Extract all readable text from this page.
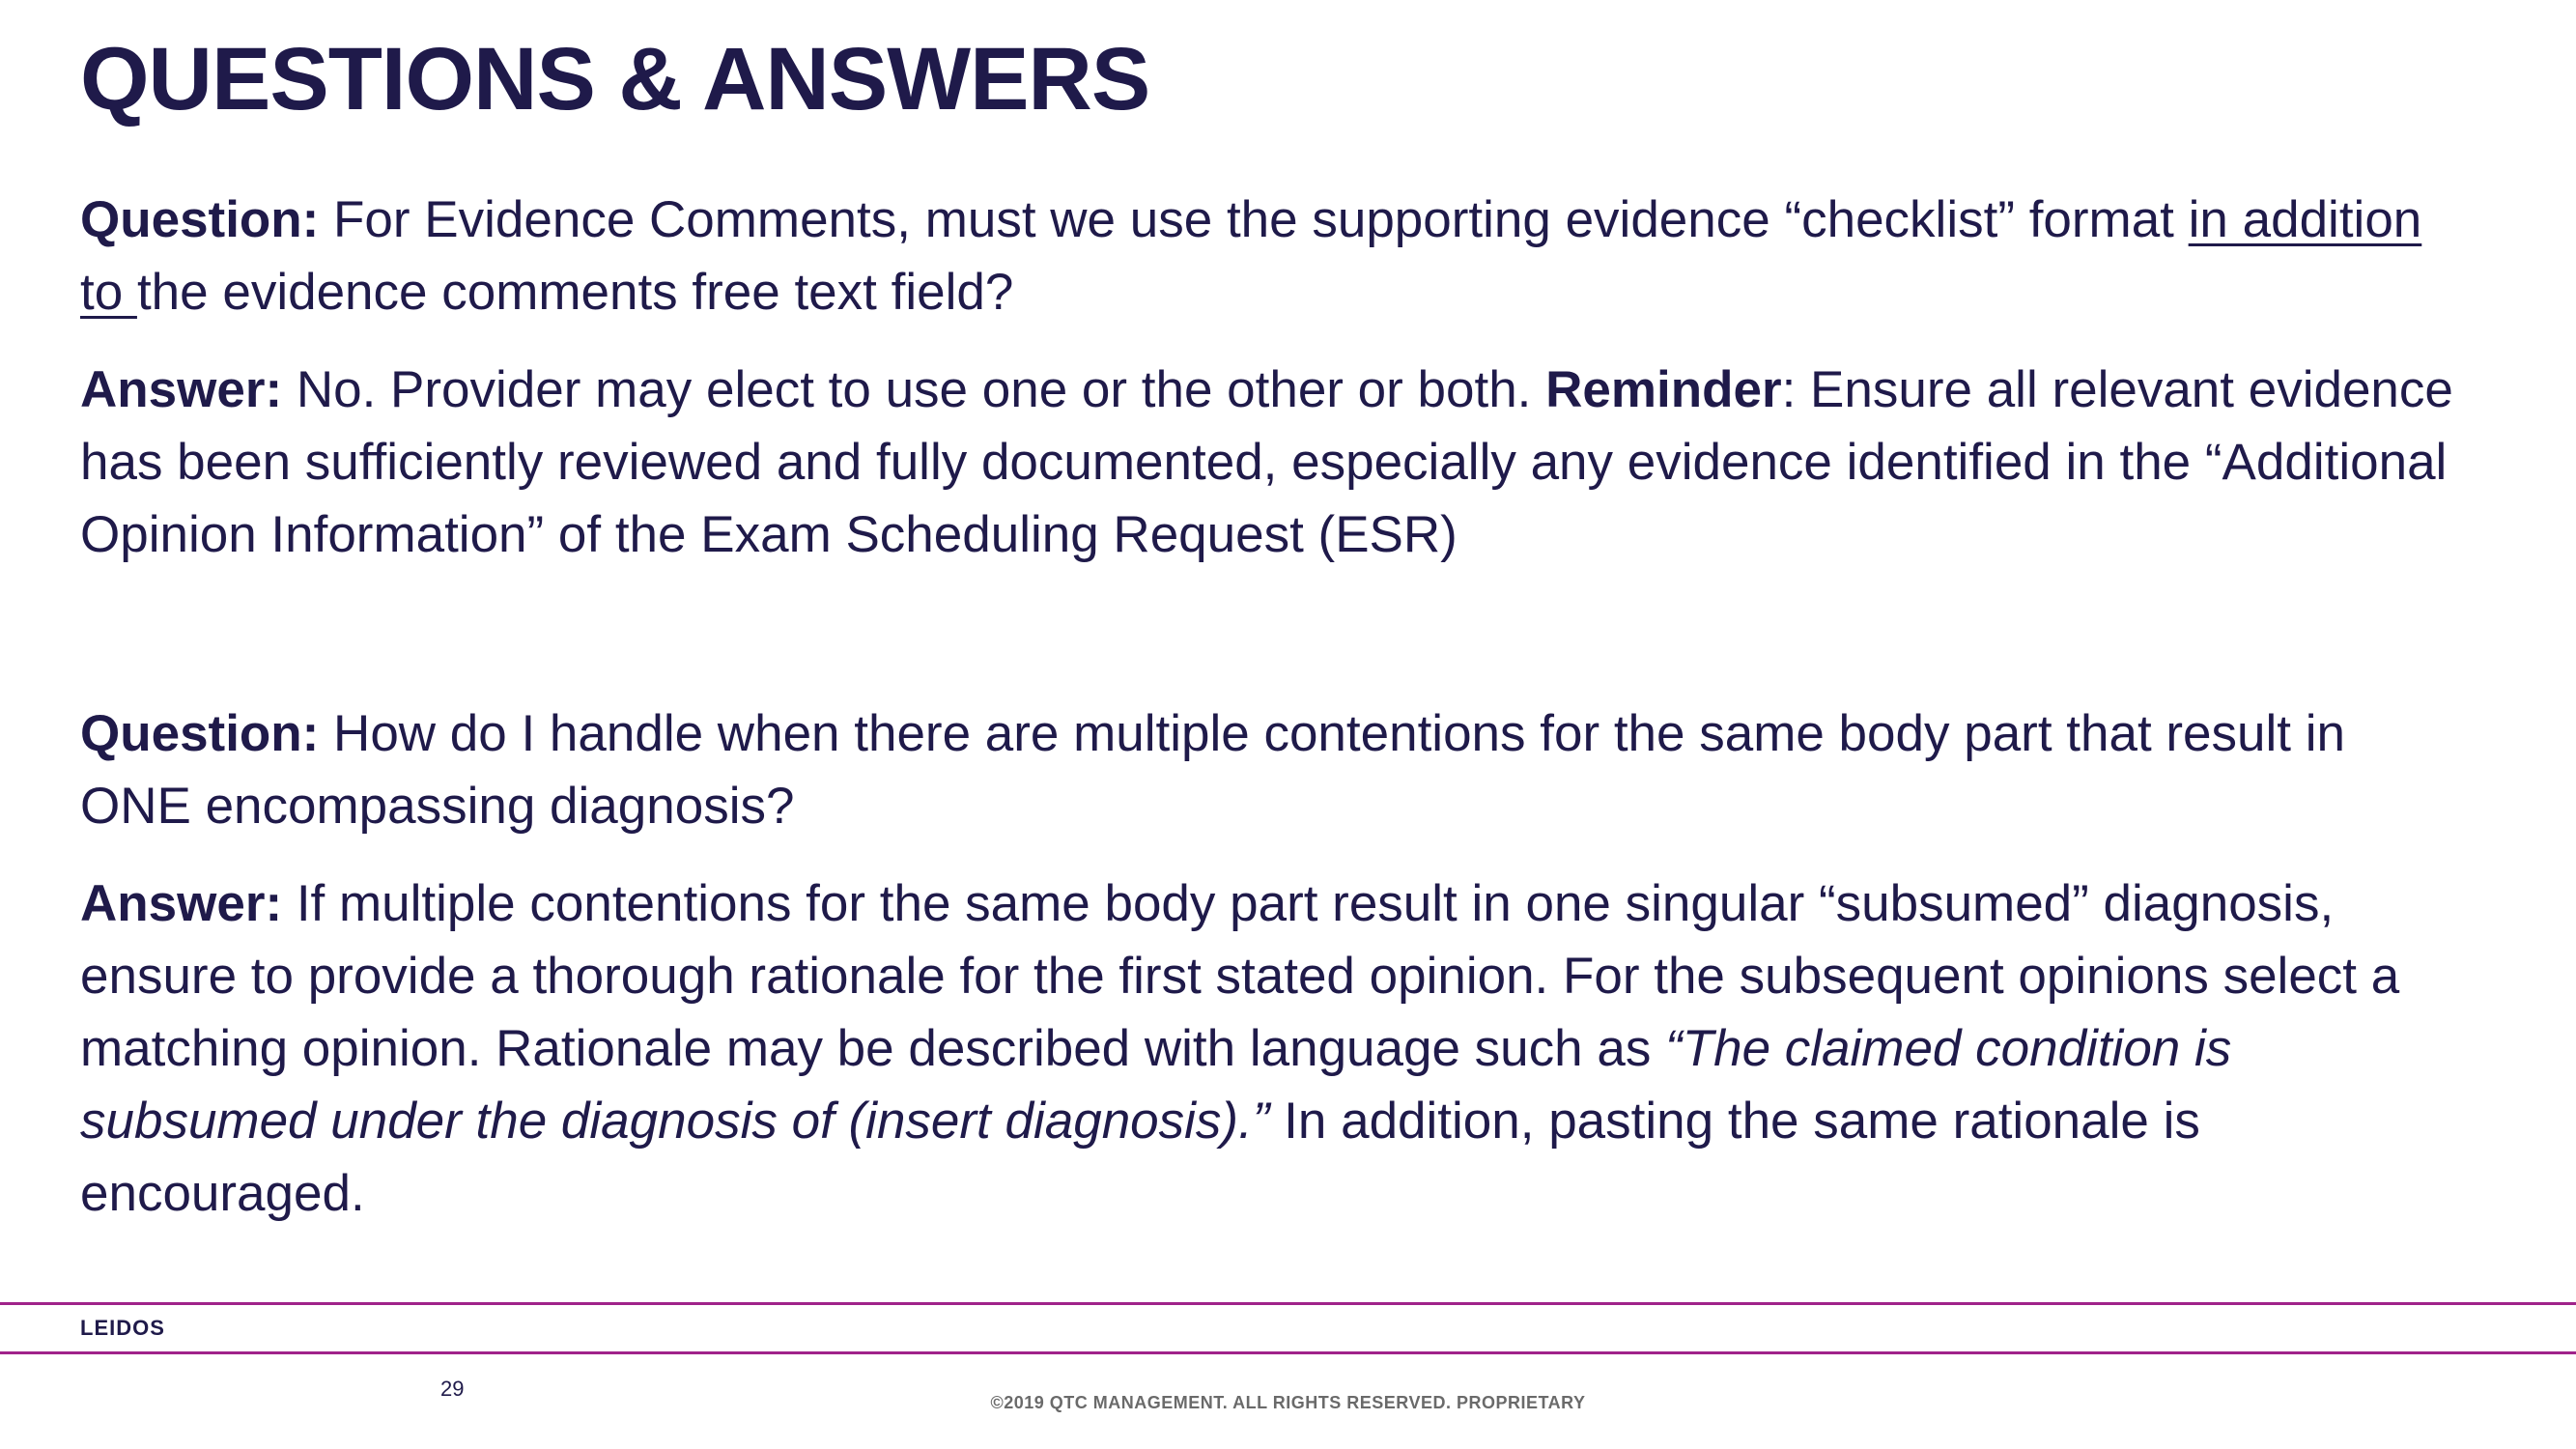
QUESTIONS & ANSWERS

Question: For Evidence Comments, must we use the supporting evidence “checklist” format in addition to the evidence comments free text field?

Answer: No. Provider may elect to use one or the other or both. Reminder: Ensure all relevant evidence has been sufficiently reviewed and fully documented, especially any evidence identified in the “Additional Opinion Information” of the Exam Scheduling Request (ESR)

Question: How do I handle when there are multiple contentions for the same body part that result in ONE encompassing diagnosis?

Answer: If multiple contentions for the same body part result in one singular “subsumed” diagnosis, ensure to provide a thorough rationale for the first stated opinion. For the subsequent opinions select a matching opinion. Rationale may be described with language such as “The claimed condition is subsumed under the diagnosis of (insert diagnosis).” In addition, pasting the same rationale is encouraged.

LEIDOS
29
©2019 QTC MANAGEMENT. ALL RIGHTS RESERVED. PROPRIETARY
